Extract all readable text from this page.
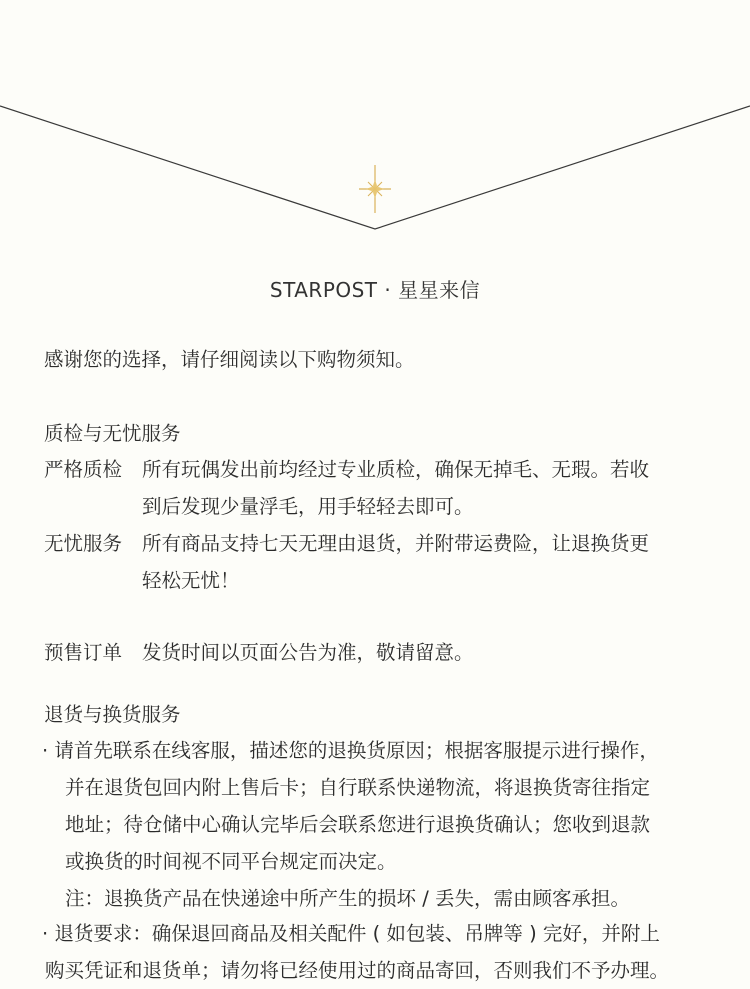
STARPOST · 星星来信
感谢您的选择，请仔细阅读以下购物须知。
质检与无忧服务
严格质检 所有玩偶发出前均经过专业质检，确保无掉毛、无瑕。若收
到后发现少量浮毛，用手轻轻去即可。
无忧服务 所有商品支持七天无理由退货，并附带运费险，让退换货更
轻松无忧！
预售订单 发货时间以页面公告为准，敬请留意。
退货与换货服务
· 请首先联系在线客服，描述您的退换货原因；根据客服提示进行操作，
并在退货包回内附上售后卡；自行联系快递物流，将退换货寄往指定
地址；待仓储中心确认完毕后会联系您进行退换货确认；您收到退款
或换货的时间视不同平台规定而决定。
注：退换货产品在快递途中所产生的损坏 / 丢失，需由顾客承担。
· 退货要求：确保退回商品及相关配件 ( 如包装、吊牌等 ) 完好，并附上
购买凭证和退货单；请勿将已经使用过的商品寄回，否则我们不予办理。
